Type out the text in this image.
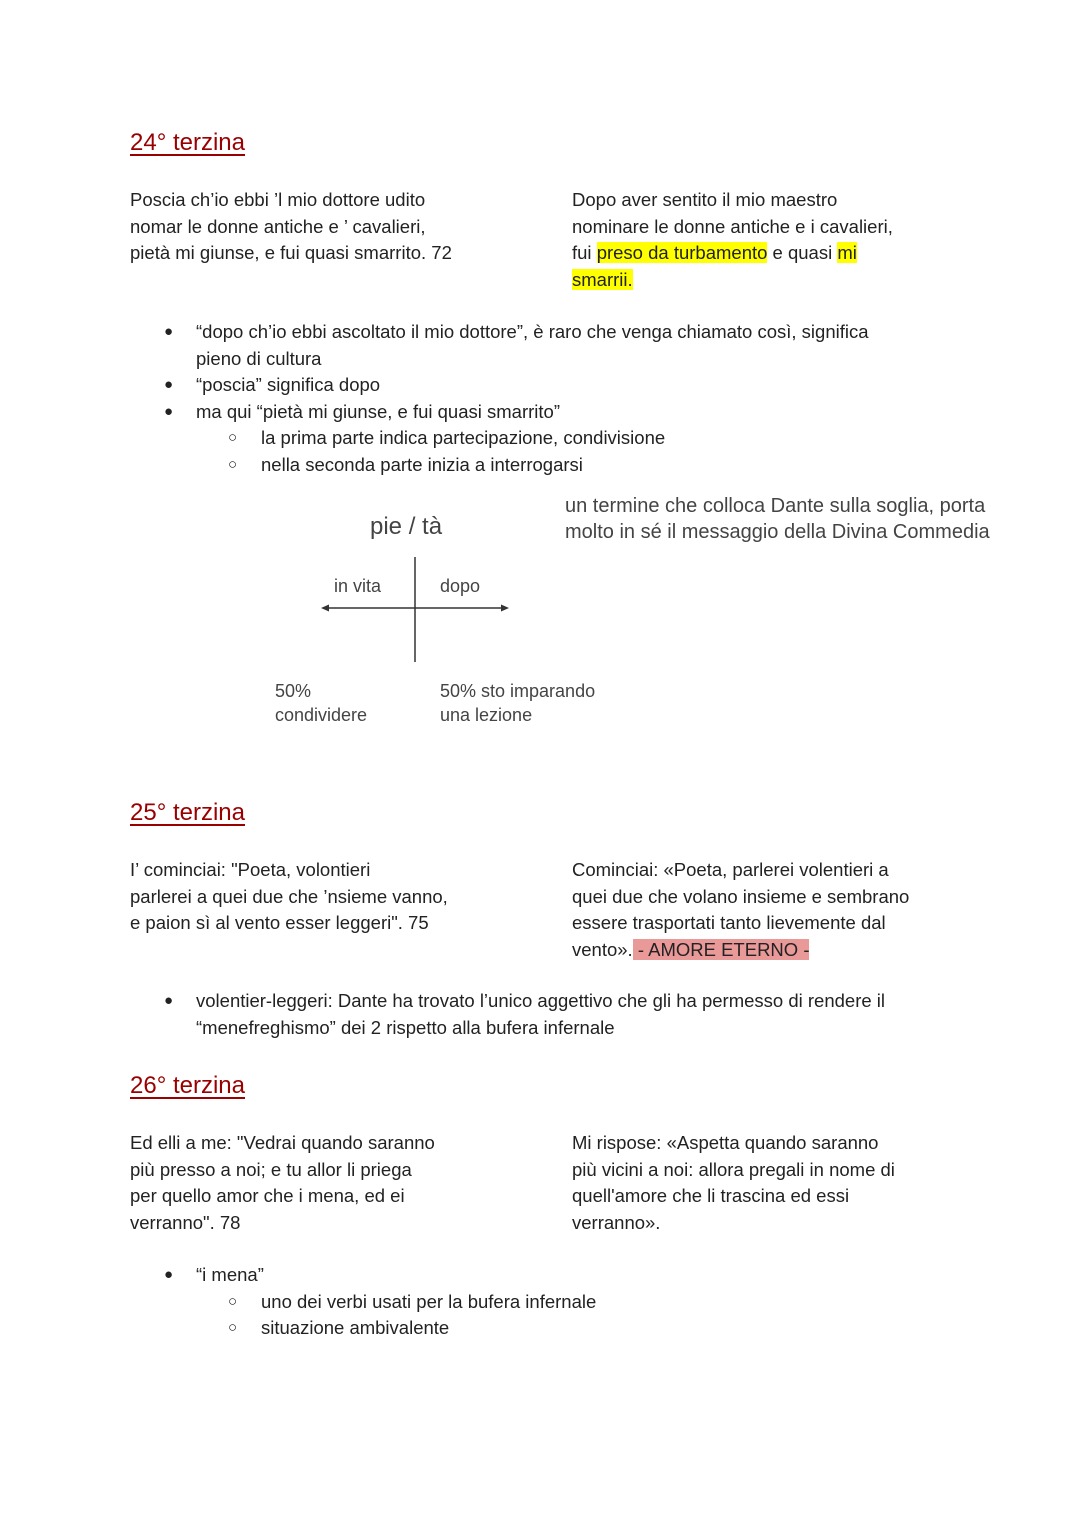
24° terzina
Poscia ch’io ebbi ’l mio dottore udito
nomar le donne antiche e ’ cavalieri,
pietà mi giunse, e fui quasi smarrito. 72
Dopo aver sentito il mio maestro
nominare le donne antiche e i cavalieri,
fui preso da turbamento e quasi mi
smarrii.
● “dopo ch’io ebbi ascoltato il mio dottore”, è raro che venga chiamato così, significa
pieno di cultura
● “poscia” significa dopo
● ma qui “pietà mi giunse, e fui quasi smarrito”
○ la prima parte indica partecipazione, condivisione
○ nella seconda parte inizia a interrogarsi
pie / tà
un termine che colloca Dante sulla soglia, porta
molto in sé il messaggio della Divina Commedia
in vita	dopo
50%
condividere
50% sto imparando
una lezione
25° terzina
I’ cominciai: "Poeta, volontieri
parlerei a quei due che ’nsieme vanno,
e paion sì al vento esser leggeri". 75
Cominciai: «Poeta, parlerei volentieri a
quei due che volano insieme e sembrano
essere trasportati tanto lievemente dal
vento». - AMORE ETERNO -
● volentier-leggeri: Dante ha trovato l’unico aggettivo che gli ha permesso di rendere il
“menefreghismo” dei 2 rispetto alla bufera infernale
26° terzina
Ed elli a me: "Vedrai quando saranno
più presso a noi; e tu allor li priega
per quello amor che i mena, ed ei
verranno". 78
Mi rispose: «Aspetta quando saranno
più vicini a noi: allora pregali in nome di
quell'amore che li trascina ed essi
verranno».
● “i mena”
○ uno dei verbi usati per la bufera infernale
○ situazione ambivalente
